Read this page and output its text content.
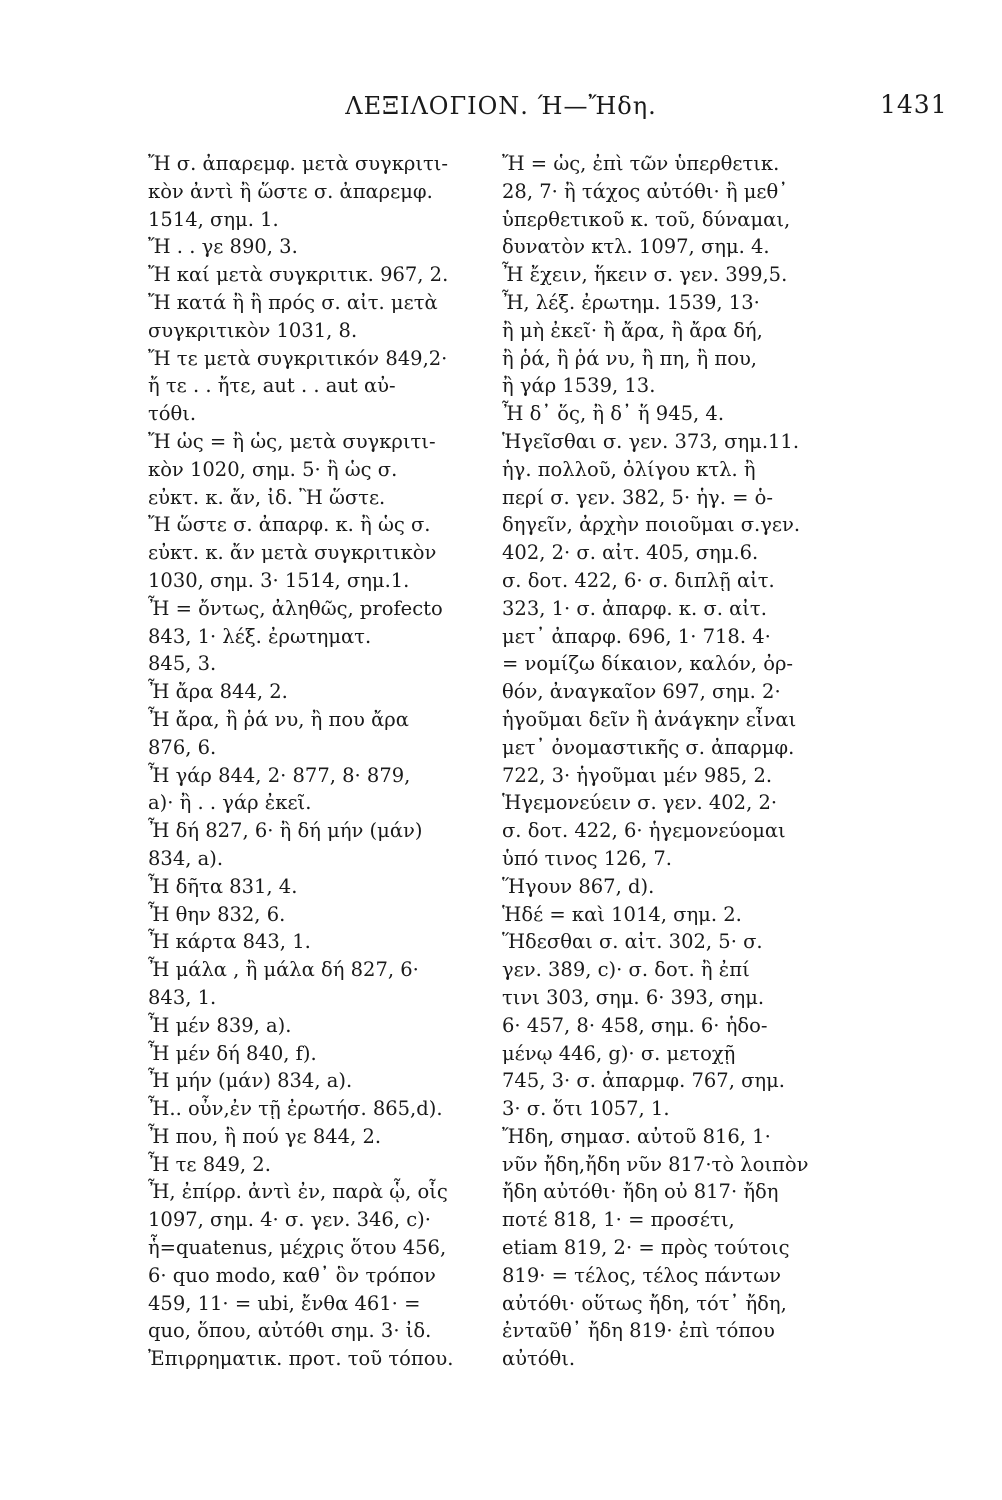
ΛΕΞΙΛΟΓΙΟΝ. Ή—Ἤδη.	1431
Ἤ σ. ἀπαρεμφ. μετὰ συγκριτι-
κὸν ἀντὶ ἢ ὥστε σ. ἀπαρεμφ.
1514, σημ. 1.
Ἤ . . γε 890, 3.
Ἤ καί μετὰ συγκριτικ. 967, 2.
Ἤ κατά ἢ ἢ πρός σ. αἰτ. μετὰ
συγκριτικὸν 1031, 8.
Ἤ τε μετὰ συγκριτικόν 849,2·
ἤ τε . . ἤτε, aut . . aut αὐ-
τόθι.
Ἤ ὡς = ἢ ὡς, μετὰ συγκριτι-
κὸν 1020, σημ. 5· ἢ ὡς σ.
εὐκτ. κ. ἄν, ἰδ. Ἢ ὥστε.
Ἤ ὥστε σ. ἀπαρφ. κ. ἢ ὡς σ.
εὐκτ. κ. ἄν μετὰ συγκριτικὸν
1030, σημ. 3· 1514, σημ.1.
Ἦ = ὄντως, ἀληθῶς, profecto
843, 1· λέξ. ἐρωτηματ.
845, 3.
Ἦ ἄρα 844, 2.
Ἦ ἄρα, ἢ ῥά νυ, ἢ που ἄρα
876, 6.
Ἦ γάρ 844, 2· 877, 8· 879,
a)· ἢ . . γάρ ἐκεῖ.
Ἦ δή 827, 6· ἢ δή μήν (μάν)
834, a).
Ἦ δῆτα 831, 4.
Ἦ θην 832, 6.
Ἦ κάρτα 843, 1.
Ἦ μάλα , ἢ μάλα δή 827, 6·
843, 1.
Ἦ μέν 839, a).
Ἦ μέν δή 840, f).
Ἦ μήν (μάν) 834, a).
Ἦ.. οὖν,ἐν τῇ ἐρωτήσ. 865,d).
Ἦ που, ἢ πού γε 844, 2.
Ἦ τε 849, 2.
Ἦ, ἐπίρρ. ἀντὶ ἐν, παρὰ ᾧ, οἷς
1097, σημ. 4· σ. γεν. 346, c)·
ἧ=quatenus, μέχρις ὅτου 456,
6· quo modo, καθ᾽ ὃν τρόπον
459, 11· = ubi, ἔνθα 461· =
quo, ὅπου, αὐτόθι σημ. 3· ἰδ.
Ἐπιρρηματικ. προτ. τοῦ τόπου.
Ἤ = ὡς, ἐπὶ τῶν ὑπερθετικ.
28, 7· ἢ τάχος αὐτόθι· ἢ μεθ᾽
ὑπερθετικοῦ κ. τοῦ, δύναμαι,
δυνατὸν κτλ. 1097, σημ. 4.
Ἦ ἔχειν, ἥκειν σ. γεν. 399,5.
Ἦ, λέξ. ἐρωτημ. 1539, 13·
ἢ μὴ ἐκεῖ· ἢ ἄρα, ἢ ἄρα δή,
ἢ ῥά, ἢ ῥά νυ, ἢ πη, ἢ που,
ἢ γάρ 1539, 13.
Ἦ δ᾽ ὅς, ἢ δ᾽ ἥ 945, 4.
Ἡγεῖσθαι σ. γεν. 373, σημ.11.
ἡγ. πολλοῦ, ὀλίγου κτλ. ἢ
περί σ. γεν. 382, 5· ἡγ. = ὁ-
δηγεῖν, ἀρχὴν ποιοῦμαι σ.γεν.
402, 2· σ. αἰτ. 405, σημ.6.
σ. δοτ. 422, 6· σ. διπλῇ αἰτ.
323, 1· σ. ἀπαρφ. κ. σ. αἰτ.
μετ᾽ ἀπαρφ. 696, 1· 718. 4·
= νομίζω δίκαιον, καλόν, ὀρ-
θόν, ἀναγκαῖον 697, σημ. 2·
ἡγοῦμαι δεῖν ἢ ἀνάγκην εἶναι
μετ᾽ ὀνομαστικῆς σ. ἀπαρμφ.
722, 3· ἡγοῦμαι μέν 985, 2.
Ἡγεμονεύειν σ. γεν. 402, 2·
σ. δοτ. 422, 6· ἡγεμονεύομαι
ὑπό τινος 126, 7.
Ἥγουν 867, d).
Ἡδέ = καὶ 1014, σημ. 2.
Ἥδεσθαι σ. αἰτ. 302, 5· σ.
γεν. 389, c)· σ. δοτ. ἢ ἐπί
τινι 303, σημ. 6· 393, σημ.
6· 457, 8· 458, σημ. 6· ἡδο-
μένῳ 446, g)· σ. μετοχῇ
745, 3· σ. ἀπαρμφ. 767, σημ.
3· σ. ὅτι 1057, 1.
Ἤδη, σημασ. αὐτοῦ 816, 1·
νῦν ἤδη,ἤδη νῦν 817·τὸ λοιπὸν
ἤδη αὐτόθι· ἤδη οὐ 817· ἤδη
ποτέ 818, 1· = προσέτι,
etiam 819, 2· = πρὸς τούτοις
819· = τέλος, τέλος πάντων
αὐτόθι· οὕτως ἤδη, τότ᾽ ἤδη,
ἐνταῦθ᾽ ἤδη 819· ἐπὶ τόπου
αὐτόθι.
